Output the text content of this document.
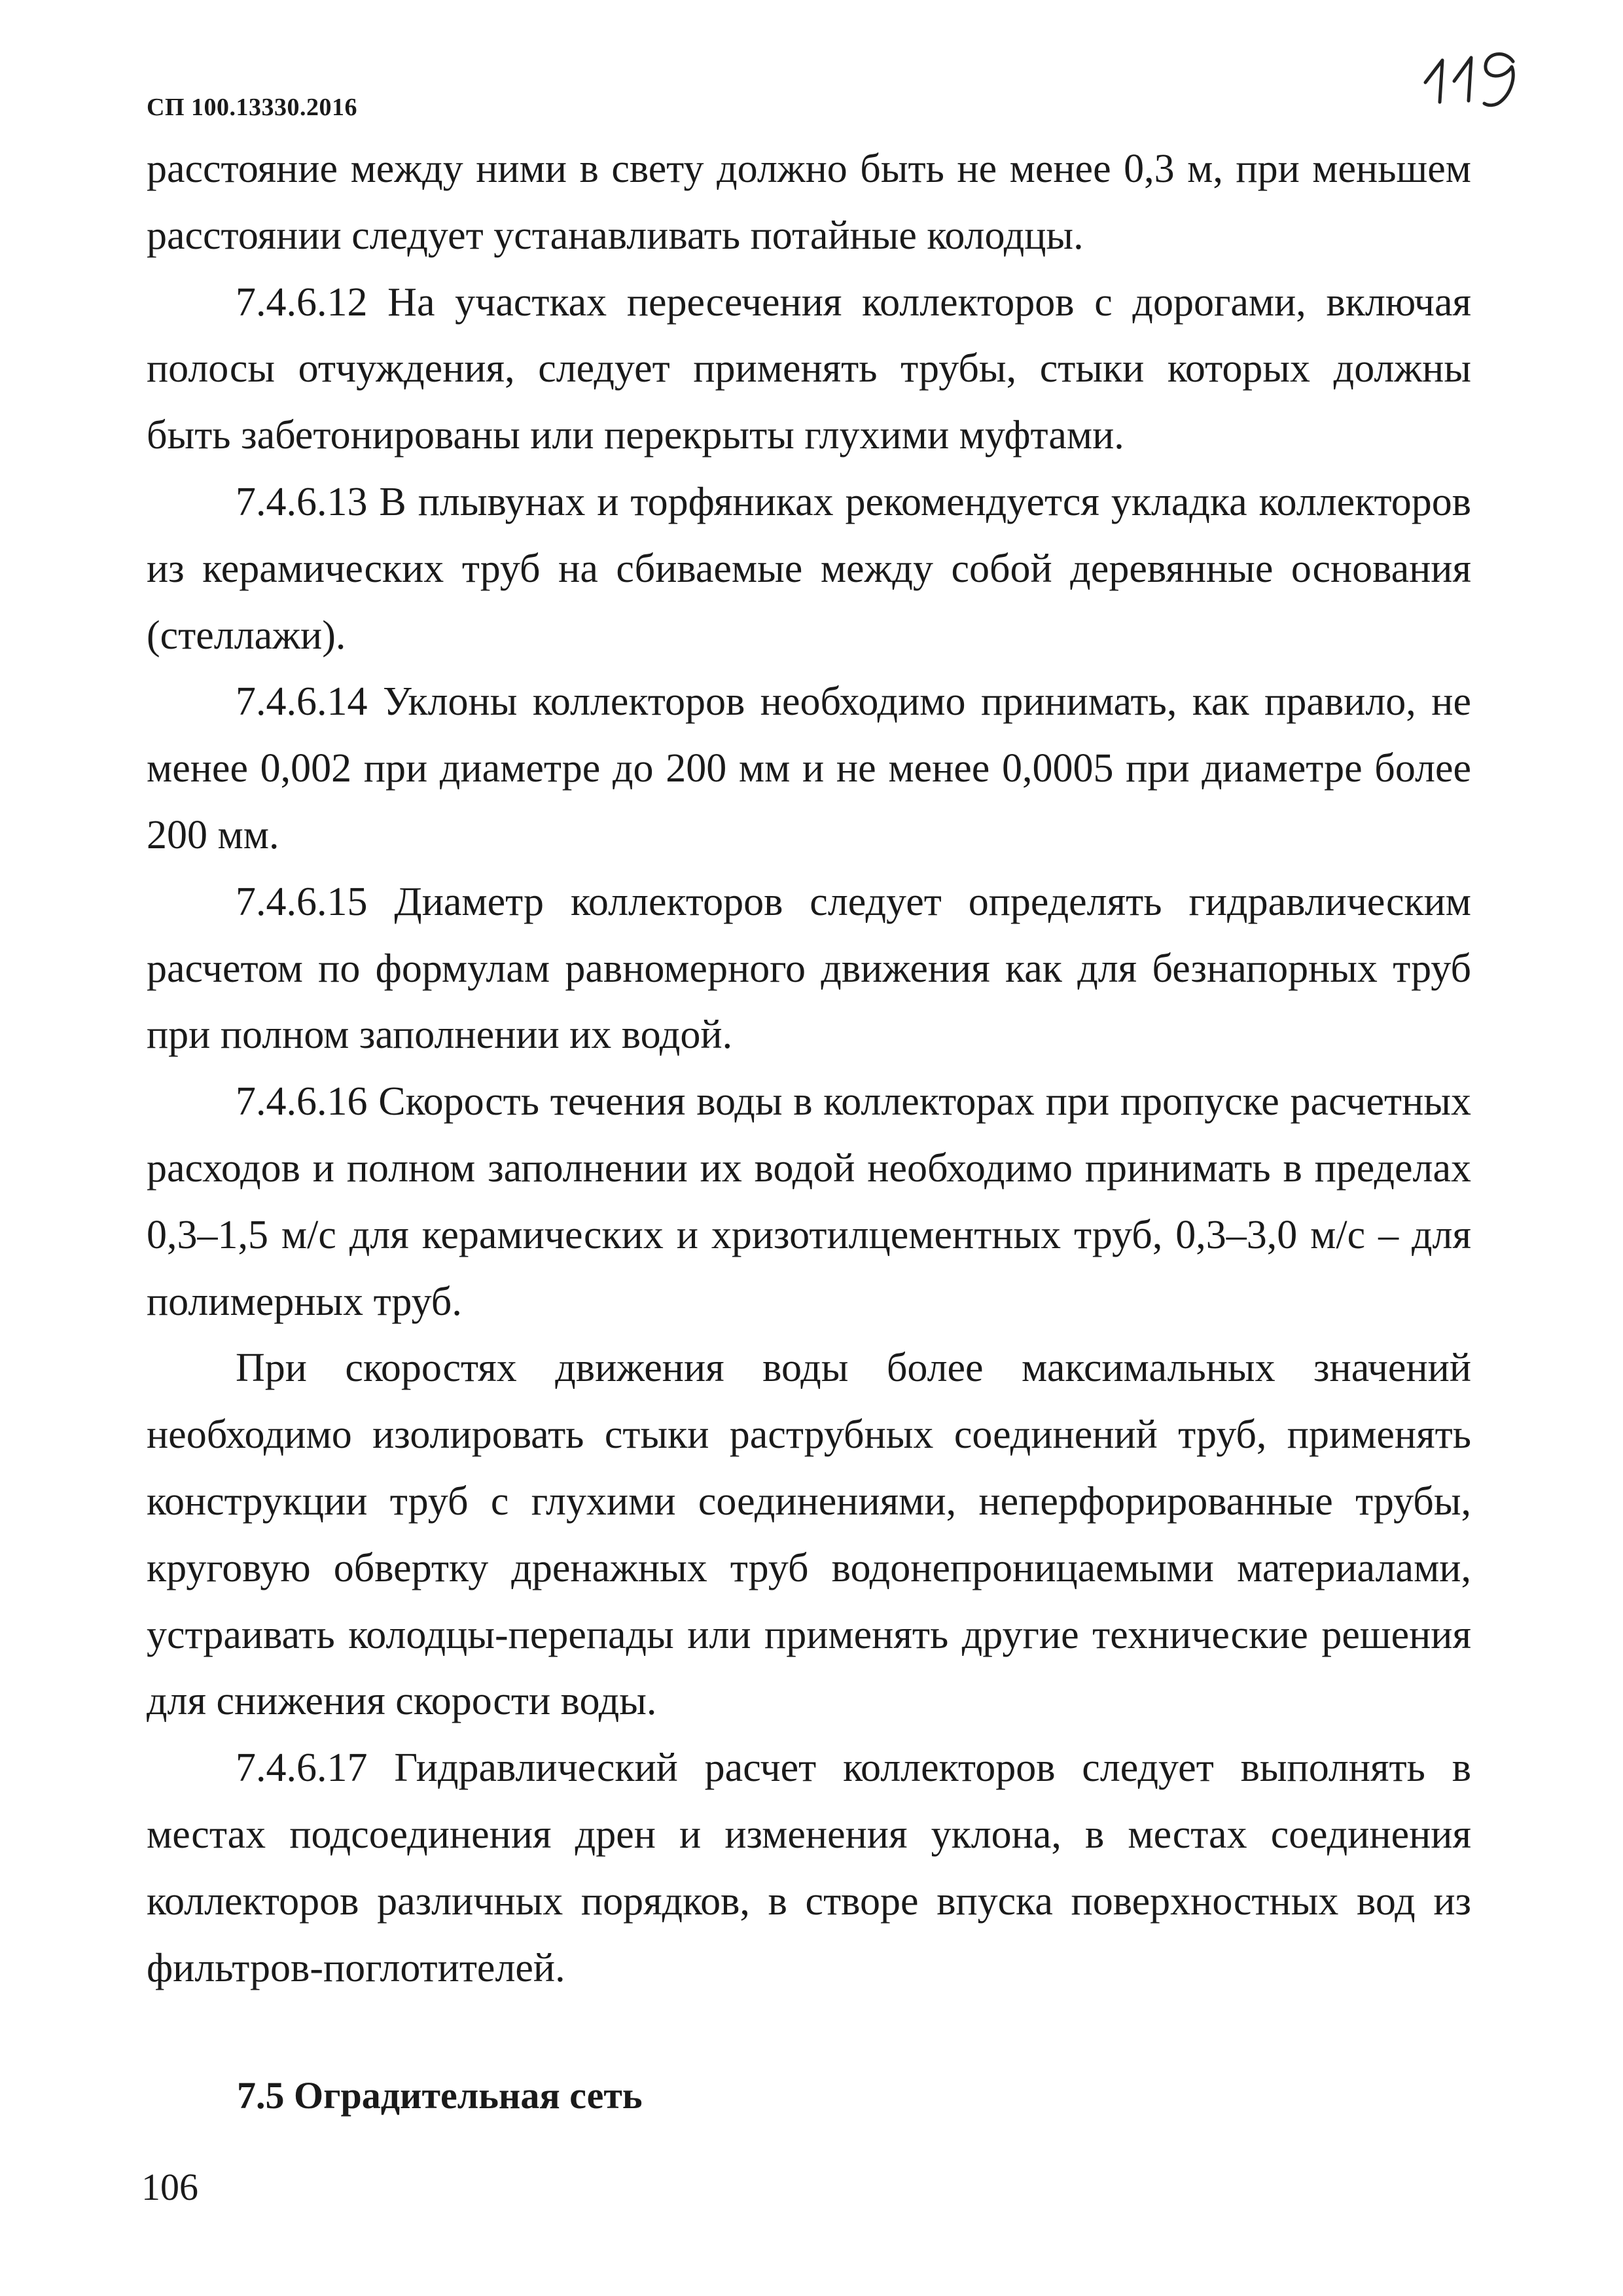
СП 100.13330.2016

расстояние между ними в свету должно быть не менее 0,3 м, при меньшем расстоянии следует устанавливать потайные колодцы.

7.4.6.12 На участках пересечения коллекторов с дорогами, включая полосы отчуждения, следует применять трубы, стыки которых должны быть забетонированы или перекрыты глухими муфтами.

7.4.6.13 В плывунах и торфяниках рекомендуется укладка коллекторов из керамических труб на сбиваемые между собой деревянные основания (стеллажи).

7.4.6.14 Уклоны коллекторов необходимо принимать, как правило, не менее 0,002 при диаметре до 200 мм и не менее 0,0005 при диаметре более 200 мм.

7.4.6.15 Диаметр коллекторов следует определять гидравлическим расчетом по формулам равномерного движения как для безнапорных труб при полном заполнении их водой.

7.4.6.16 Скорость течения воды в коллекторах при пропуске расчетных расходов и полном заполнении их водой необходимо принимать в пределах 0,3–1,5 м/с для керамических и хризотилцементных труб, 0,3–3,0 м/с – для полимерных труб.

При скоростях движения воды более максимальных значений необходимо изолировать стыки раструбных соединений труб, применять конструкции труб с глухими соединениями, неперфорированные трубы, круговую обвертку дренажных труб водонепроницаемыми материалами, устраивать колодцы-перепады или применять другие технические решения для снижения скорости воды.

7.4.6.17 Гидравлический расчет коллекторов следует выполнять в местах подсоединения дрен и изменения уклона, в местах соединения коллекторов различных порядков, в створе впуска поверхностных вод из фильтров-поглотителей.

7.5 Оградительная сеть
106
